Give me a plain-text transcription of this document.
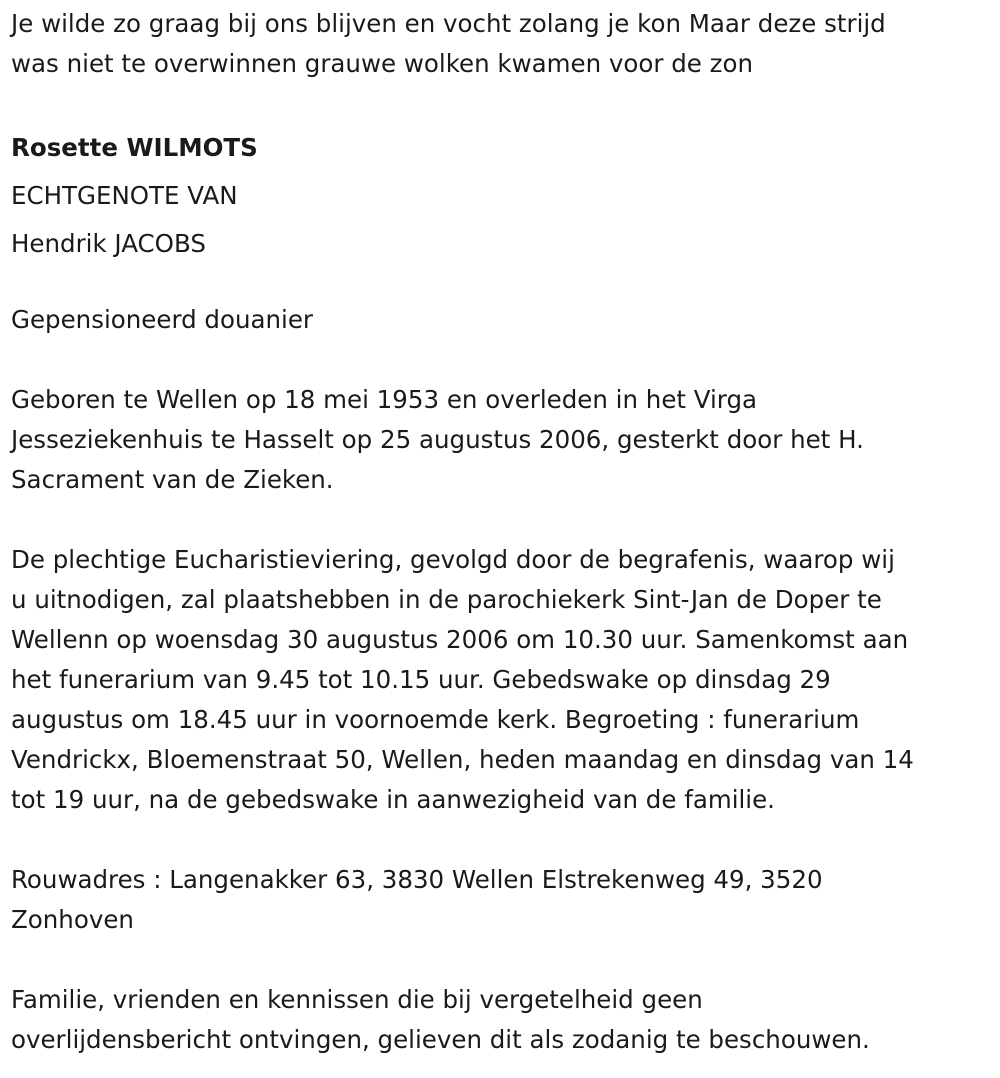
Je wilde zo graag bij ons blijven en vocht zolang je kon Maar deze strijd

was niet te overwinnen grauwe wolken kwamen voor de zon

Rosette WILMOTS

ECHTGENOTE VAN

Hendrik JACOBS

Gepensioneerd douanier

Geboren te Wellen op 18 mei 1953 en overleden in het Virga

Jesseziekenhuis te Hasselt op 25 augustus 2006, gesterkt door het H.

Sacrament van de Zieken.

De plechtige Eucharistieviering, gevolgd door de begrafenis, waarop wij

u uitnodigen, zal plaatshebben in de parochiekerk Sint-Jan de Doper te

Wellenn op woensdag 30 augustus 2006 om 10.30 uur. Samenkomst aan

het funerarium van 9.45 tot 10.15 uur. Gebedswake op dinsdag 29

augustus om 18.45 uur in voornoemde kerk. Begroeting : funerarium

Vendrickx, Bloemenstraat 50, Wellen, heden maandag en dinsdag van 14

tot 19 uur, na de gebedswake in aanwezigheid van de familie.

Rouwadres : Langenakker 63, 3830 Wellen Elstrekenweg 49, 3520

Zonhoven

Familie, vrienden en kennissen die bij vergetelheid geen

overlijdensbericht ontvingen, gelieven dit als zodanig te beschouwen.
